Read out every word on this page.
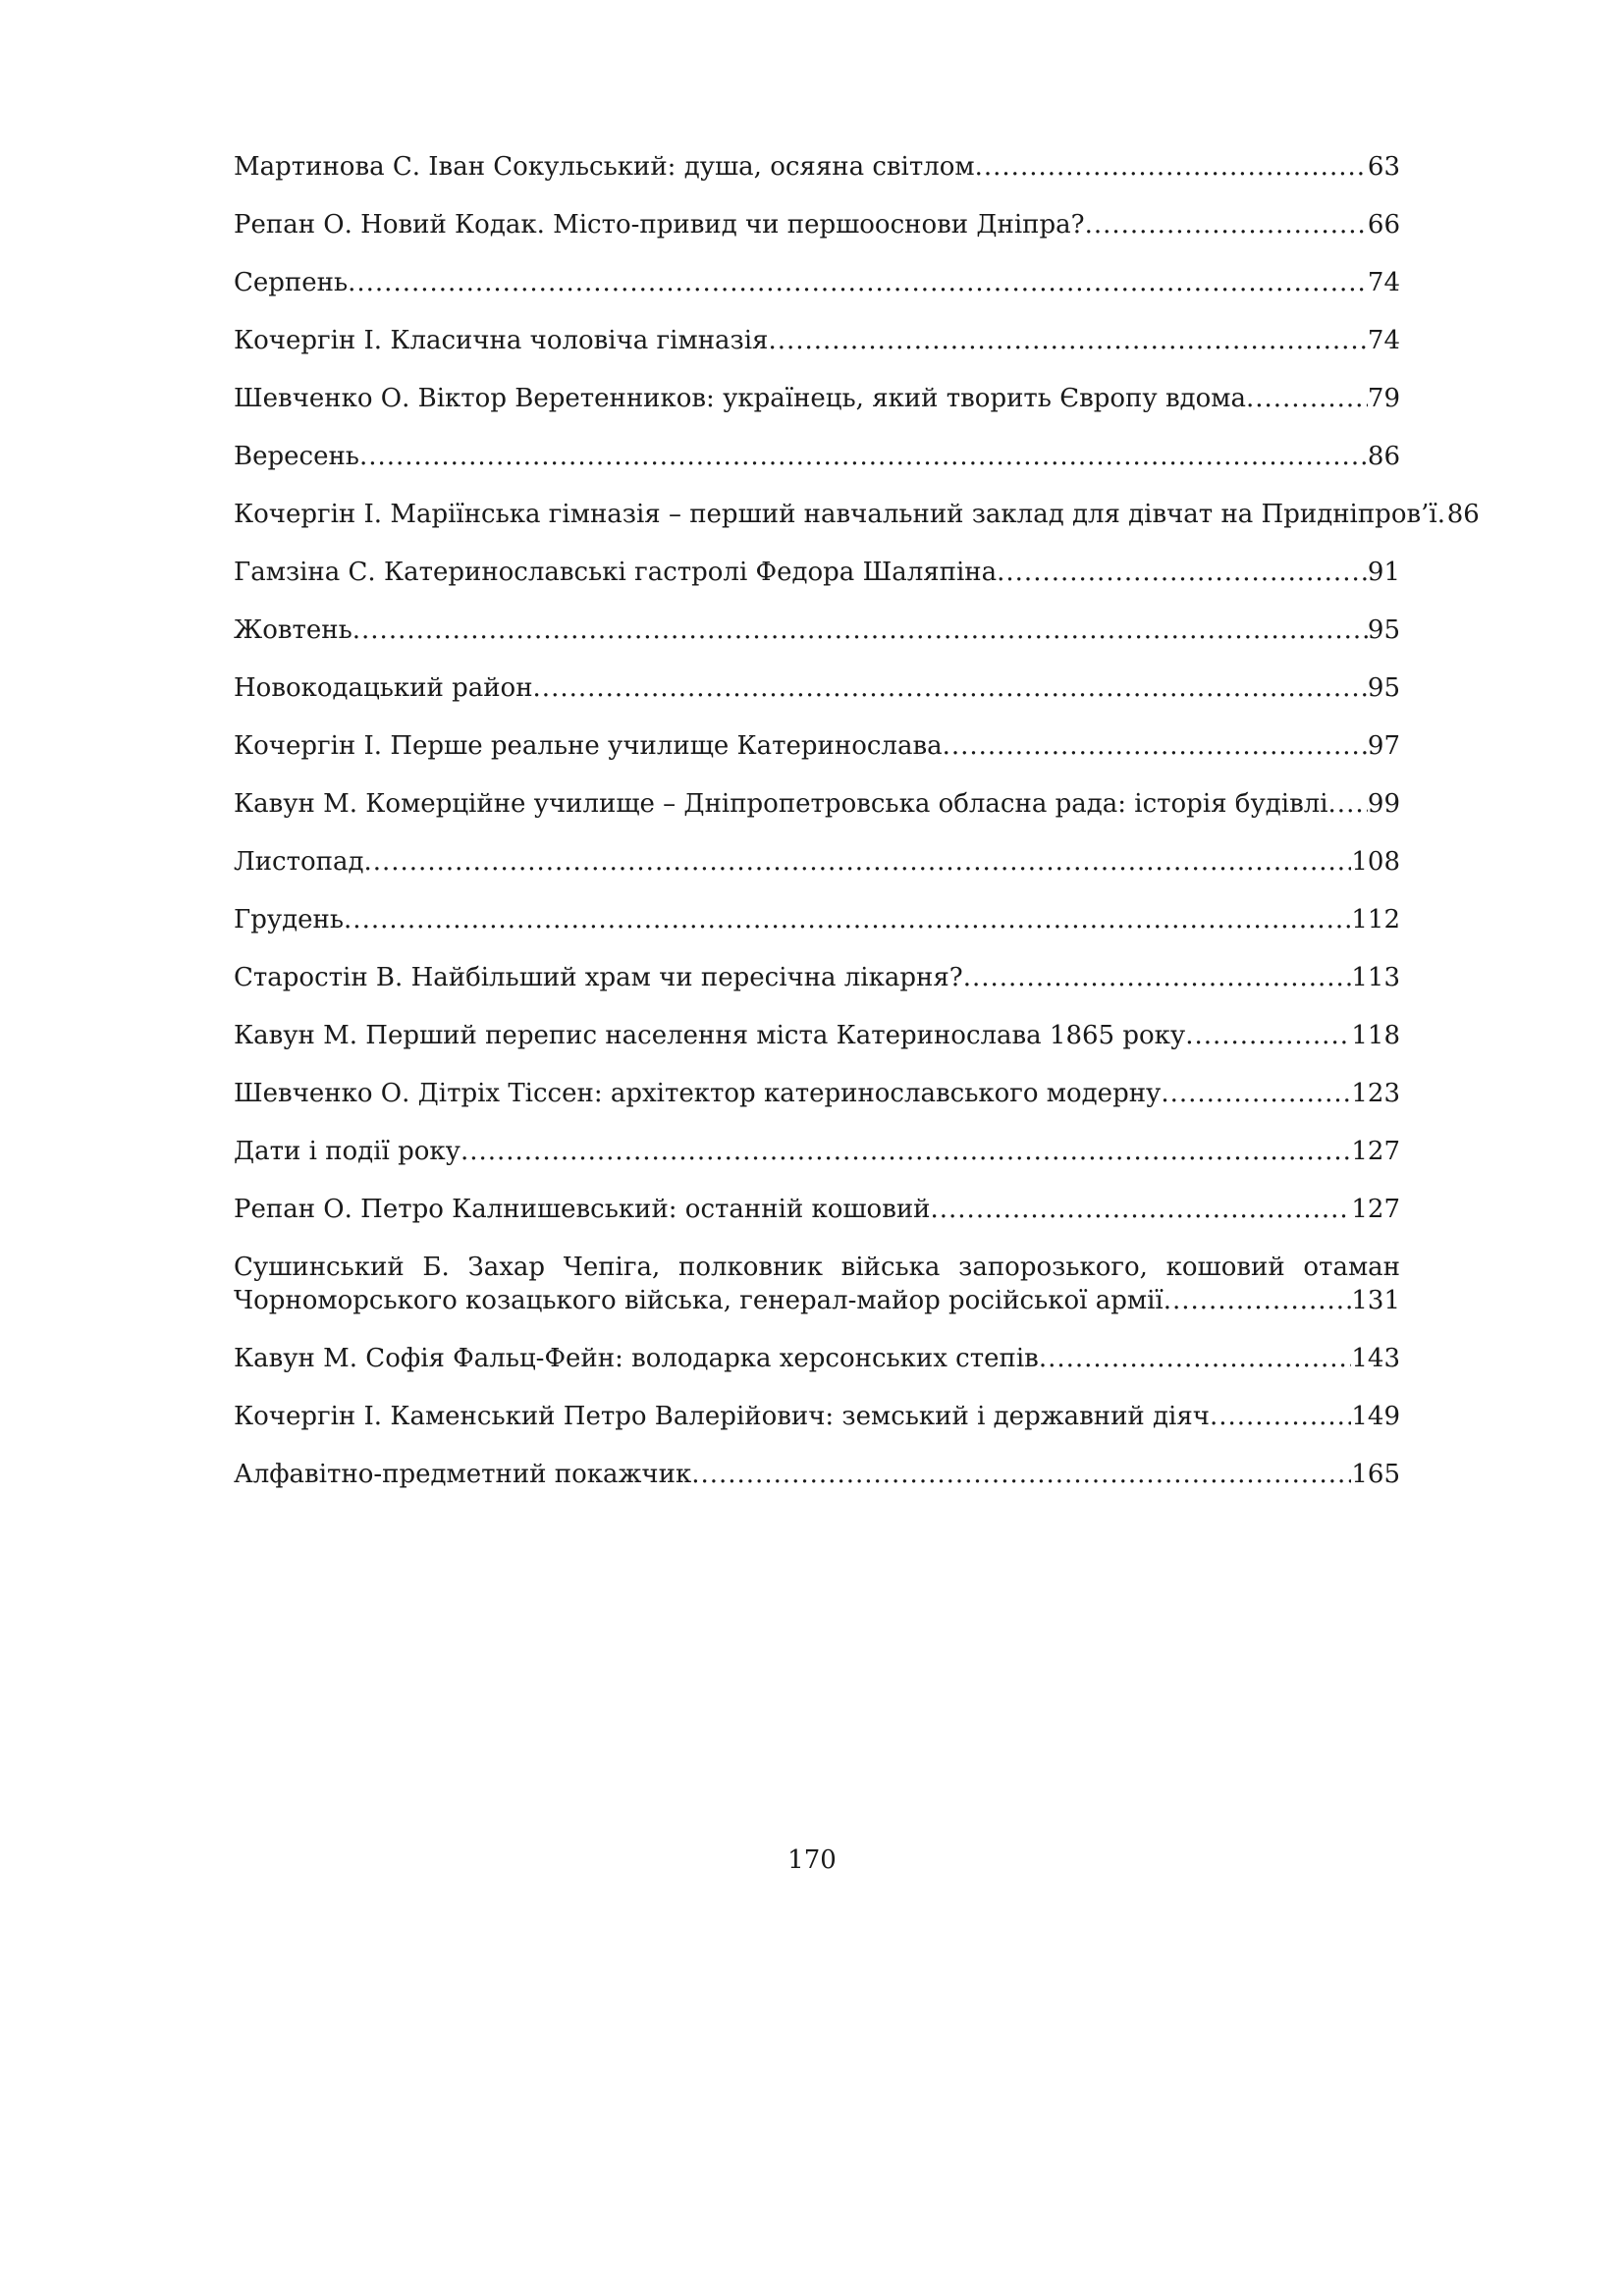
Мартинова С. Іван Сокульський: душа, осяяна світлом .....	63
Репан О. Новий Кодак. Місто-привид чи першооснови Дніпра? .....	66
Серпень .....	74
Кочергін І. Класична чоловіча гімназія .....	74
Шевченко О. Віктор Веретенников: українець, який творить Європу вдома .....	79
Вересень .....	86
Кочергін І. Маріїнська гімназія – перший навчальний заклад для дівчат на Придніпров’ї ..... 86
Гамзіна С. Катеринославські гастролі Федора Шаляпіна .....	91
Жовтень .....	95
Новокодацький район .....	95
Кочергін І. Перше реальне училище Катеринослава .....	97
Кавун М. Комерційне училище – Дніпропетровська обласна рада: історія будівлі ..... 99
Листопад .....	108
Грудень .....	112
Старостін В. Найбільший храм чи пересічна лікарня? .....	113
Кавун М. Перший перепис населення міста Катеринослава 1865 року .....	118
Шевченко О. Дітріх Тіссен: архітектор катеринославського модерну .....	123
Дати і події року .....	127
Репан О. Петро Калнишевський: останній кошовий .....	127
Сушинський Б. Захар Чепіга, полковник війська запорозького, кошовий отаман
Чорноморського козацького війська, генерал-майор російської армії .....	131
Кавун М. Софія Фальц-Фейн: володарка херсонських степів .....	143
Кочергін І. Каменський Петро Валерійович: земський і державний діяч .....	149
Алфавітно-предметний покажчик .....	165
170
